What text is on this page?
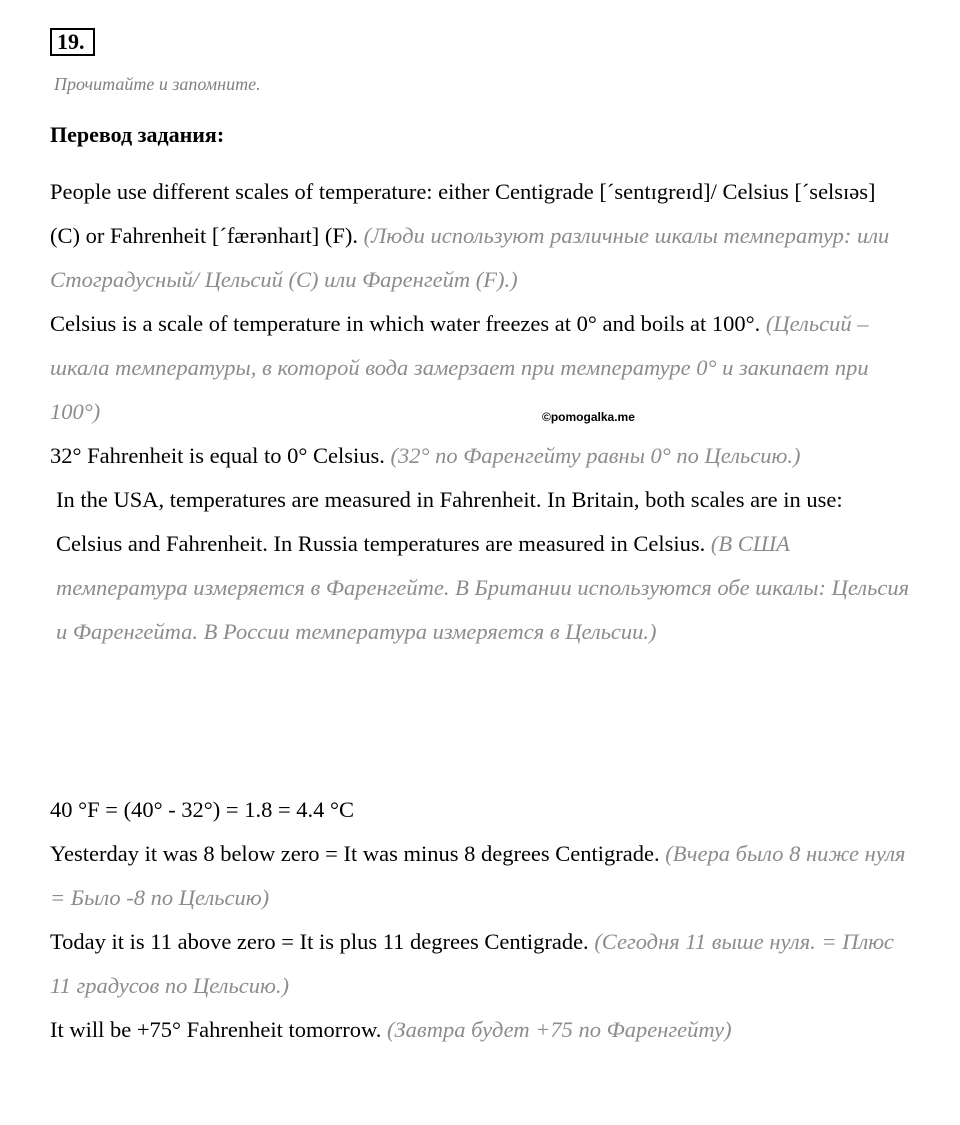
19.
Прочитайте и запомните.
Перевод задания:
People use different scales of temperature: either Centigrade [ˊsentɪgreɪd]/ Celsius [ˊselsɪəs] (C) or Fahrenheit [ˊfærənhaɪt] (F). (Люди используют различные шкалы температур: или Стоградусный/ Цельсий (С) или Фаренгейт (F).)
Celsius is a scale of temperature in which water freezes at 0° and boils at 100°. (Цельсий – шкала температуры, в которой вода замерзает при температуре 0° и закипает при 100°)
32° Fahrenheit is equal to 0° Celsius. (32° по Фаренгейту равны 0° по Цельсию.)
In the USA, temperatures are measured in Fahrenheit. In Britain, both scales are in use: Celsius and Fahrenheit. In Russia temperatures are measured in Celsius. (В США температура измеряется в Фаренгейте. В Британии используются обе шкалы: Цельсия и Фаренгейта. В России температура измеряется в Цельсии.)
©pomogalka.me
40 °F = (40° - 32°) = 1.8 = 4.4 °C
Yesterday it was 8 below zero = It was minus 8 degrees Centigrade. (Вчера было 8 ниже нуля = Было -8 по Цельсию)
Today it is 11 above zero = It is plus 11 degrees Centigrade. (Сегодня 11 выше нуля. = Плюс 11 градусов по Цельсию.)
It will be +75° Fahrenheit tomorrow. (Завтра будет +75 по Фаренгейту)
